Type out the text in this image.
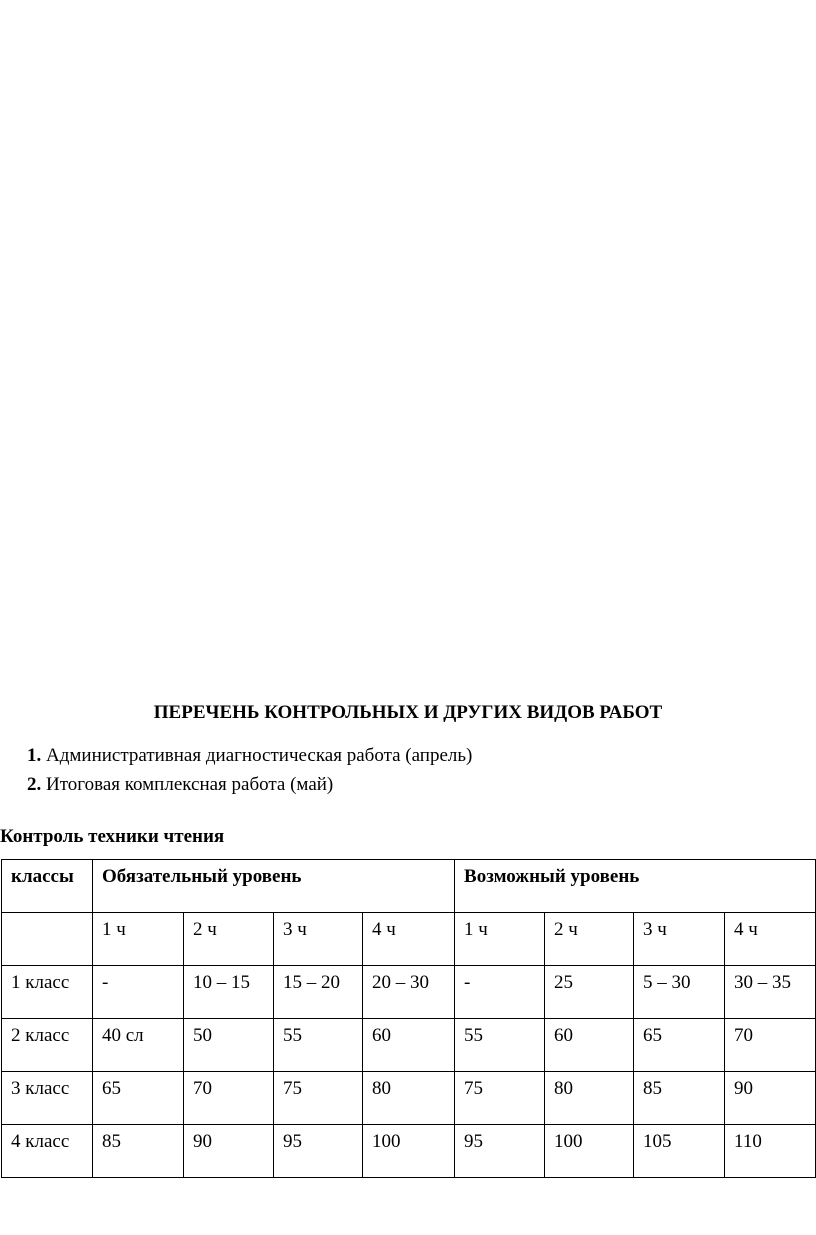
ПЕРЕЧЕНЬ КОНТРОЛЬНЫХ И ДРУГИХ ВИДОВ РАБОТ
1. Административная диагностическая работа (апрель)
2. Итоговая комплексная работа (май)
Контроль техники чтения
классы	Обязательный уровень				Возможный уровень			
	1 ч	2 ч	3 ч	4 ч	1 ч	2 ч	3 ч	4 ч
1 класс	-	10 – 15	15 – 20	20 – 30	-	25	5 – 30	30 – 35
2 класс	40 сл	50	55	60	55	60	65	70
3 класс	65	70	75	80	75	80	85	90
4 класс	85	90	95	100	95	100	105	110
